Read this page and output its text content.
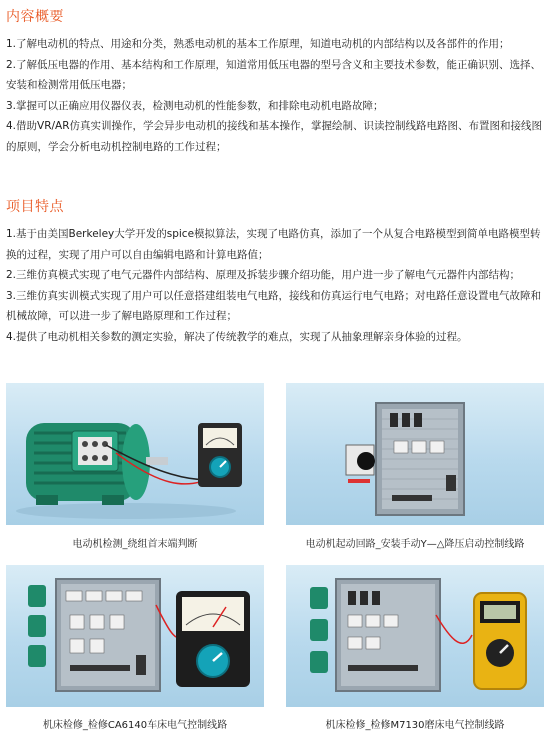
内容概要

1.了解电动机的特点、用途和分类，熟悉电动机的基本工作原理，知道电动机的内部结构以及各部件的作用；

2.了解低压电器的作用、基本结构和工作原理，知道常用低压电器的型号含义和主要技术参数，能正确识别、选择、安装和检测常用低压电器；

3.掌握可以正确应用仪器仪表，检测电动机的性能参数，和排除电动机电路故障；

4.借助VR/AR仿真实训操作，学会异步电动机的接线和基本操作，掌握绘制、识读控制线路电路图、布置图和接线图的原则，学会分析电动机控制电路的工作过程；

项目特点

1.基于由美国Berkeley大学开发的spice模拟算法，实现了电路仿真，添加了一个从复合电路模型到简单电路模型转换的过程，实现了用户可以自由编辑电路和计算电路值；

2.三维仿真模式实现了电气元器件内部结构、原理及拆装步骤介绍功能，用户进一步了解电气元器件内部结构；

3.三维仿真实训模式实现了用户可以任意搭建组装电气电路，接线和仿真运行电气电路；对电路任意设置电气故障和机械故障，可以进一步了解电路原理和工作过程；

4.提供了电动机相关参数的测定实验，解决了传统教学的难点，实现了从抽象理解亲身体验的过程。

电动机检测_绕组首末端判断	电动机起动回路_安装手动Y—△降压启动控制线路
机床检修_检修CA6140车床电气控制线路	机床检修_检修M7130磨床电气控制线路
